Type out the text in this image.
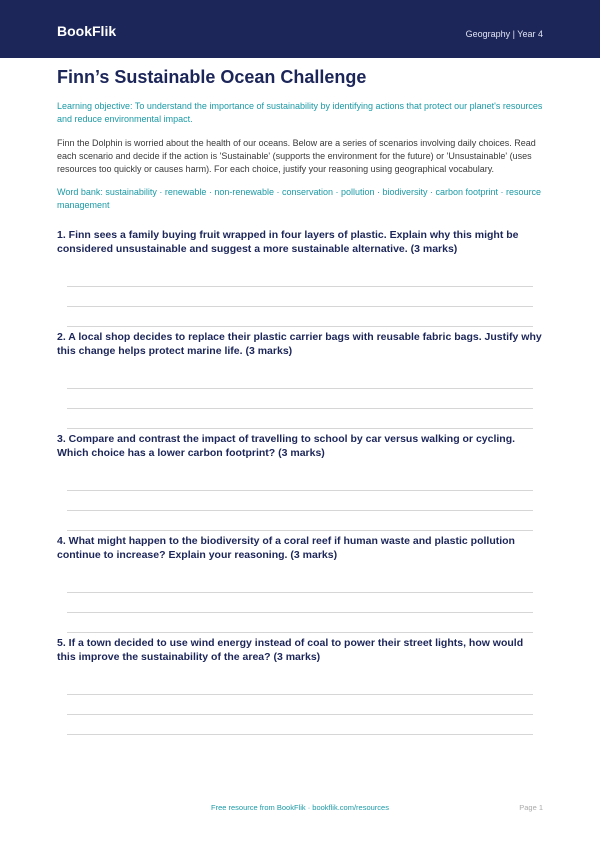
BookFlik	Geography | Year 4
Finn’s Sustainable Ocean Challenge
Learning objective: To understand the importance of sustainability by identifying actions that protect our planet's resources and reduce environmental impact.
Finn the Dolphin is worried about the health of our oceans. Below are a series of scenarios involving daily choices. Read each scenario and decide if the action is 'Sustainable' (supports the environment for the future) or 'Unsustainable' (uses resources too quickly or causes harm). For each choice, justify your reasoning using geographical vocabulary.
Word bank: sustainability · renewable · non-renewable · conservation · pollution · biodiversity · carbon footprint · resource management

1. Finn sees a family buying fruit wrapped in four layers of plastic. Explain why this might be considered unsustainable and suggest a more sustainable alternative. (3 marks)

2. A local shop decides to replace their plastic carrier bags with reusable fabric bags. Justify why this change helps protect marine life. (3 marks)

3. Compare and contrast the impact of travelling to school by car versus walking or cycling. Which choice has a lower carbon footprint? (3 marks)

4. What might happen to the biodiversity of a coral reef if human waste and plastic pollution continue to increase? Explain your reasoning. (3 marks)

5. If a town decided to use wind energy instead of coal to power their street lights, how would this improve the sustainability of the area? (3 marks)

Free resource from BookFlik · bookflik.com/resources	Page 1
